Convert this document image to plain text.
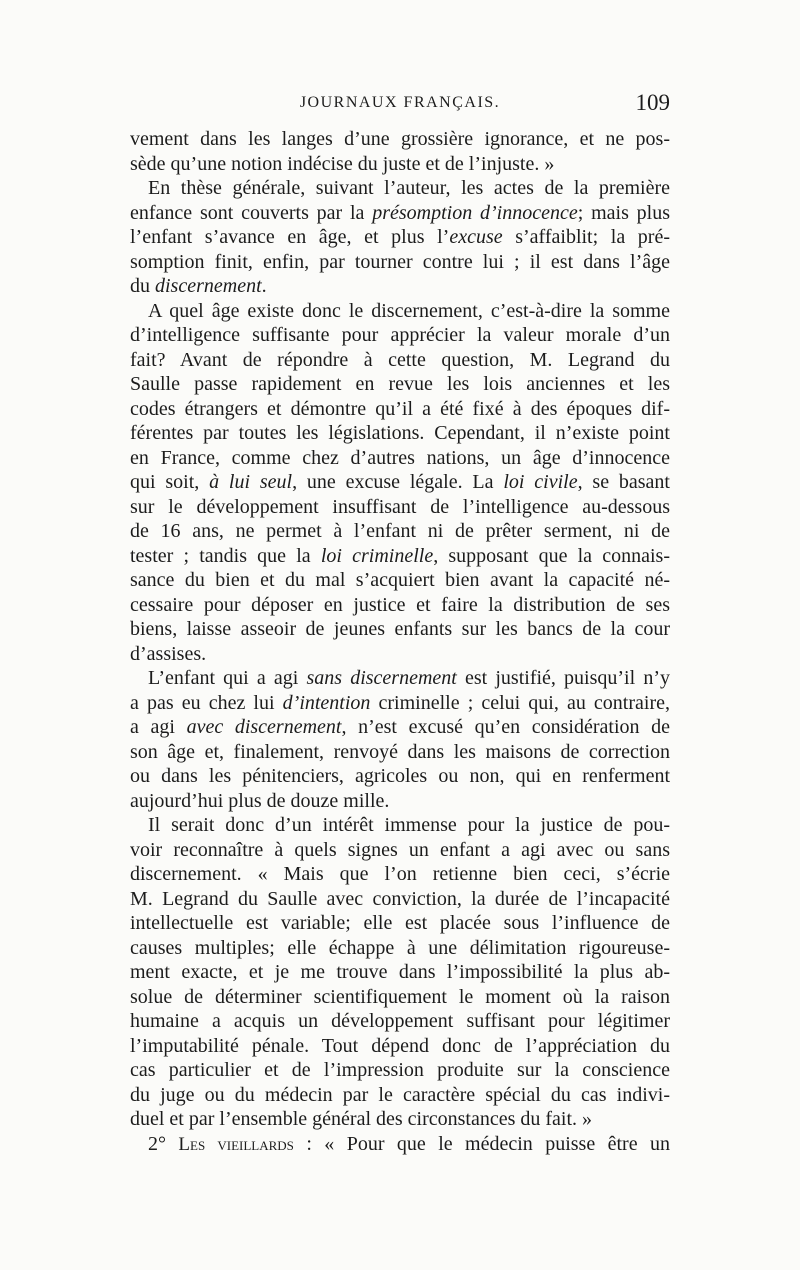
JOURNAUX FRANÇAIS.	109
vement dans les langes d’une grossière ignorance, et ne pos-
sède qu’une notion indécise du juste et de l’injuste. »
En thèse générale, suivant l’auteur, les actes de la première
enfance sont couverts par la présomption d’innocence; mais plus
l’enfant s’avance en âge, et plus l’excuse s’affaiblit; la pré-
somption finit, enfin, par tourner contre lui ; il est dans l’âge
du discernement.
A quel âge existe donc le discernement, c’est-à-dire la somme
d’intelligence suffisante pour apprécier la valeur morale d’un
fait? Avant de répondre à cette question, M. Legrand du
Saulle passe rapidement en revue les lois anciennes et les
codes étrangers et démontre qu’il a été fixé à des époques dif-
férentes par toutes les législations. Cependant, il n’existe point
en France, comme chez d’autres nations, un âge d’innocence
qui soit, à lui seul, une excuse légale. La loi civile, se basant
sur le développement insuffisant de l’intelligence au-dessous
de 16 ans, ne permet à l’enfant ni de prêter serment, ni de
tester ; tandis que la loi criminelle, supposant que la connais-
sance du bien et du mal s’acquiert bien avant la capacité né-
cessaire pour déposer en justice et faire la distribution de ses
biens, laisse asseoir de jeunes enfants sur les bancs de la cour
d’assises.
L’enfant qui a agi sans discernement est justifié, puisqu’il n’y
a pas eu chez lui d’intention criminelle ; celui qui, au contraire,
a agi avec discernement, n’est excusé qu’en considération de
son âge et, finalement, renvoyé dans les maisons de correction
ou dans les pénitenciers, agricoles ou non, qui en renferment
aujourd’hui plus de douze mille.
Il serait donc d’un intérêt immense pour la justice de pou-
voir reconnaître à quels signes un enfant a agi avec ou sans
discernement. « Mais que l’on retienne bien ceci, s’écrie
M. Legrand du Saulle avec conviction, la durée de l’incapacité
intellectuelle est variable; elle est placée sous l’influence de
causes multiples; elle échappe à une délimitation rigoureuse-
ment exacte, et je me trouve dans l’impossibilité la plus ab-
solue de déterminer scientifiquement le moment où la raison
humaine a acquis un développement suffisant pour légitimer
l’imputabilité pénale. Tout dépend donc de l’appréciation du
cas particulier et de l’impression produite sur la conscience
du juge ou du médecin par le caractère spécial du cas indivi-
duel et par l’ensemble général des circonstances du fait. »
2° Les vieillards : « Pour que le médecin puisse être un
